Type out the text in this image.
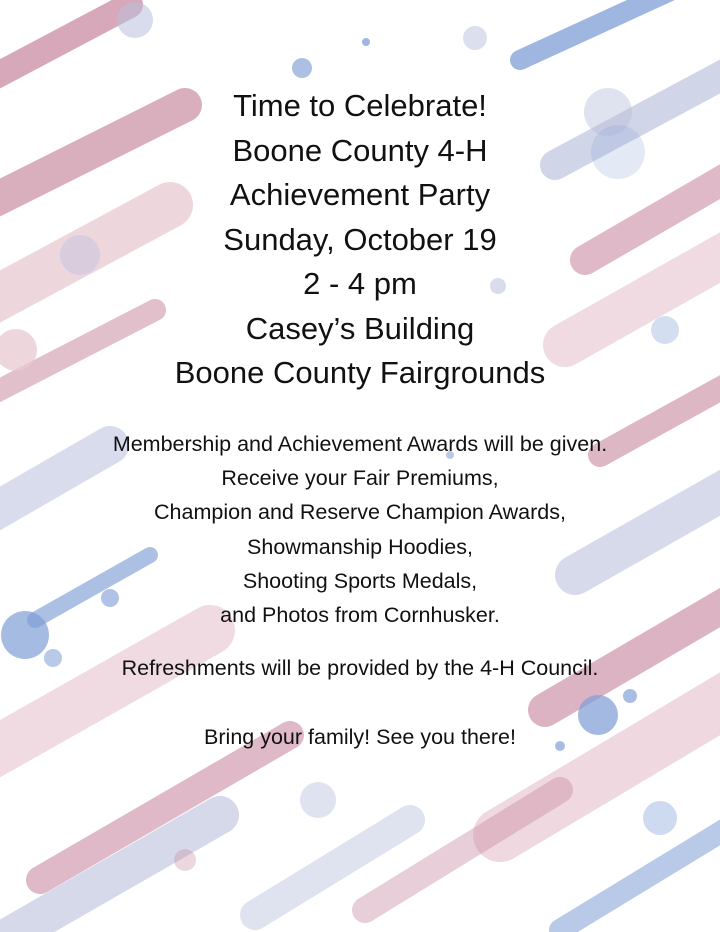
Time to Celebrate!
Boone County 4-H
Achievement Party
Sunday, October 19
2 - 4 pm
Casey’s Building
Boone County Fairgrounds
Membership and Achievement Awards will be given.
Receive your Fair Premiums,
Champion and Reserve Champion Awards,
Showmanship Hoodies,
Shooting Sports Medals,
and Photos from Cornhusker.
Refreshments will be provided by the 4-H Council.
Bring your family! See you there!
